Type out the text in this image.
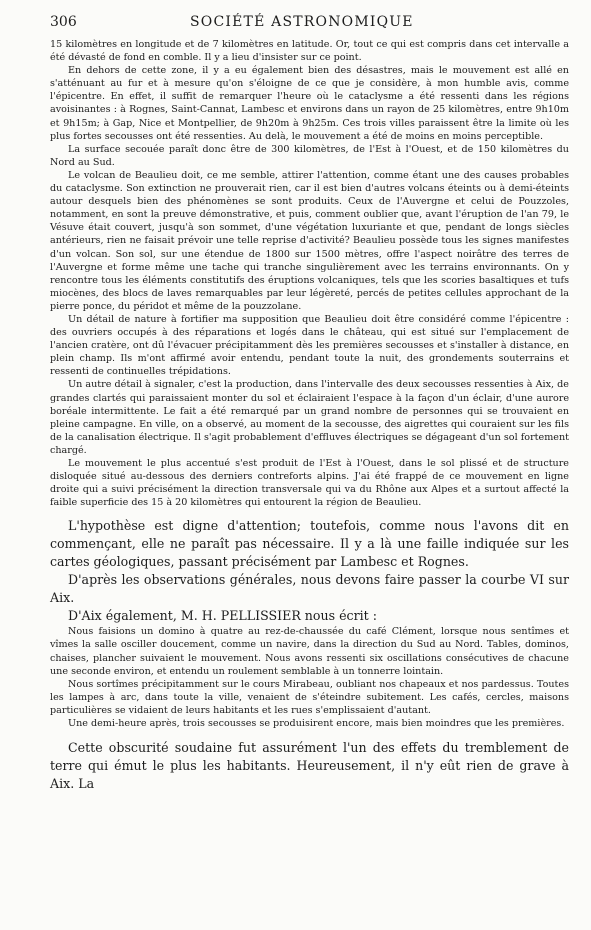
306	SOCIÉTÉ ASTRONOMIQUE

15 kilomètres en longitude et de 7 kilomètres en latitude. Or, tout ce qui est compris dans cet intervalle a été dévasté de fond en comble. Il y a lieu d'insister sur ce point.

En dehors de cette zone, il y a eu également bien des désastres, mais le mouvement est allé en s'atténuant au fur et à mesure qu'on s'éloigne de ce que je considère, à mon humble avis, comme l'épicentre. En effet, il suffit de remarquer l'heure où le cataclysme a été ressenti dans les régions avoisinantes : à Rognes, Saint-Cannat, Lambesc et environs dans un rayon de 25 kilomètres, entre 9h10m et 9h15m; à Gap, Nice et Montpellier, de 9h20m à 9h25m. Ces trois villes paraissent être la limite où les plus fortes secousses ont été ressenties. Au delà, le mouvement a été de moins en moins perceptible.

La surface secouée paraît donc être de 300 kilomètres, de l'Est à l'Ouest, et de 150 kilomètres du Nord au Sud.

Le volcan de Beaulieu doit, ce me semble, attirer l'attention, comme étant une des causes probables du cataclysme. Son extinction ne prouverait rien, car il est bien d'autres volcans éteints ou à demi-éteints autour desquels bien des phénomènes se sont produits. Ceux de l'Auvergne et celui de Pouzzoles, notamment, en sont la preuve démonstrative, et puis, comment oublier que, avant l'éruption de l'an 79, le Vésuve était couvert, jusqu'à son sommet, d'une végétation luxuriante et que, pendant de longs siècles antérieurs, rien ne faisait prévoir une telle reprise d'activité? Beaulieu possède tous les signes manifestes d'un volcan. Son sol, sur une étendue de 1800 sur 1500 mètres, offre l'aspect noirâtre des terres de l'Auvergne et forme même une tache qui tranche singulièrement avec les terrains environnants. On y rencontre tous les éléments constitutifs des éruptions volcaniques, tels que les scories basaltiques et tufs miocènes, des blocs de laves remarquables par leur légèreté, percés de petites cellules approchant de la pierre ponce, du péridot et même de la pouzzolane.

Un détail de nature à fortifier ma supposition que Beaulieu doit être considéré comme l'épicentre : des ouvriers occupés à des réparations et logés dans le château, qui est situé sur l'emplacement de l'ancien cratère, ont dû l'évacuer précipitamment dès les premières secousses et s'installer à distance, en plein champ. Ils m'ont affirmé avoir entendu, pendant toute la nuit, des grondements souterrains et ressenti de continuelles trépidations.

Un autre détail à signaler, c'est la production, dans l'intervalle des deux secousses ressenties à Aix, de grandes clartés qui paraissaient monter du sol et éclairaient l'espace à la façon d'un éclair, d'une aurore boréale intermittente. Le fait a été remarqué par un grand nombre de personnes qui se trouvaient en pleine campagne. En ville, on a observé, au moment de la secousse, des aigrettes qui couraient sur les fils de la canalisation électrique. Il s'agit probablement d'effluves électriques se dégageant d'un sol fortement chargé.

Le mouvement le plus accentué s'est produit de l'Est à l'Ouest, dans le sol plissé et de structure disloquée situé au-dessous des derniers contreforts alpins. J'ai été frappé de ce mouvement en ligne droite qui a suivi précisément la direction transversale qui va du Rhône aux Alpes et a surtout affecté la faible superficie des 15 à 20 kilomètres qui entourent la région de Beaulieu.

L'hypothèse est digne d'attention; toutefois, comme nous l'avons dit en commençant, elle ne paraît pas nécessaire. Il y a là une faille indiquée sur les cartes géologiques, passant précisément par Lambesc et Rognes.

D'après les observations générales, nous devons faire passer la courbe VI sur Aix.

D'Aix également, M. H. PELLISSIER nous écrit :

Nous faisions un domino à quatre au rez-de-chaussée du café Clément, lorsque nous sentîmes et vîmes la salle osciller doucement, comme un navire, dans la direction du Sud au Nord. Tables, dominos, chaises, plancher suivaient le mouvement. Nous avons ressenti six oscillations consécutives de chacune une seconde environ, et entendu un roulement semblable à un tonnerre lointain.

Nous sortîmes précipitamment sur le cours Mirabeau, oubliant nos chapeaux et nos pardessus. Toutes les lampes à arc, dans toute la ville, venaient de s'éteindre subitement. Les cafés, cercles, maisons particulières se vidaient de leurs habitants et les rues s'emplissaient d'autant.

Une demi-heure après, trois secousses se produisirent encore, mais bien moindres que les premières.

Cette obscurité soudaine fut assurément l'un des effets du tremblement de terre qui émut le plus les habitants. Heureusement, il n'y eût rien de grave à Aix. La
